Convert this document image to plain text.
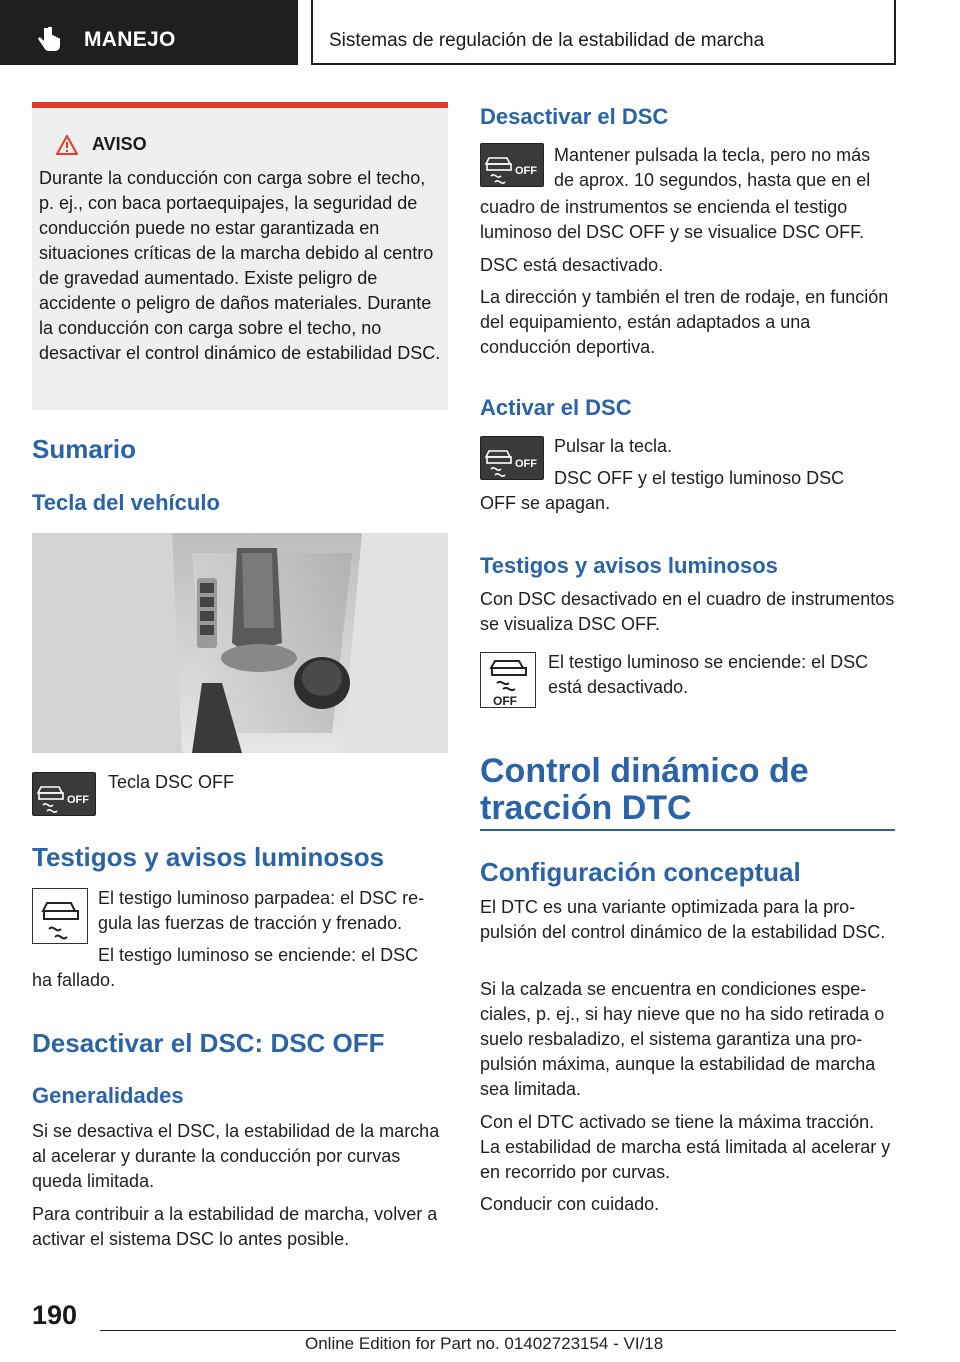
MANEJO	Sistemas de regulación de la estabilidad de marcha
AVISO
Durante la conducción con carga sobre el techo, p. ej., con baca portaequipajes, la seguridad de conducción puede no estar garantizada en situaciones críticas de la marcha debido al centro de gravedad aumentado. Existe peligro de accidente o peligro de daños materiales. Durante la conducción con carga sobre el techo, no desactivar el control dinámico de estabilidad DSC.
Sumario
Tecla del vehículo
OFF
Tecla DSC OFF
Testigos y avisos luminosos
El testigo luminoso parpadea: el DSC regula las fuerzas de tracción y frenado.
El testigo luminoso se enciende: el DSC
ha fallado.
Desactivar el DSC: DSC OFF
Generalidades
Si se desactiva el DSC, la estabilidad de la marcha al acelerar y durante la conducción por curvas queda limitada.
Para contribuir a la estabilidad de marcha, volver a activar el sistema DSC lo antes posible.
Desactivar el DSC
OFF
Mantener pulsada la tecla, pero no más de aprox. 10 segundos, hasta que en el
cuadro de instrumentos se encienda el testigo luminoso del DSC OFF y se visualice DSC OFF.
DSC está desactivado.
La dirección y también el tren de rodaje, en función del equipamiento, están adaptados a una conducción deportiva.
Activar el DSC
OFF
Pulsar la tecla.
DSC OFF y el testigo luminoso DSC
OFF se apagan.
Testigos y avisos luminosos
Con DSC desactivado en el cuadro de instrumentos se visualiza DSC OFF.
OFF
El testigo luminoso se enciende: el DSC está desactivado.
Control dinámico de
tracción DTC
Configuración conceptual
El DTC es una variante optimizada para la propulsión del control dinámico de la estabilidad DSC.
Si la calzada se encuentra en condiciones especiales, p. ej., si hay nieve que no ha sido retirada o suelo resbaladizo, el sistema garantiza una propulsión máxima, aunque la estabilidad de marcha sea limitada.
Con el DTC activado se tiene la máxima tracción. La estabilidad de marcha está limitada al acelerar y en recorrido por curvas.
Conducir con cuidado.
190
Online Edition for Part no. 01402723154 - VI/18
